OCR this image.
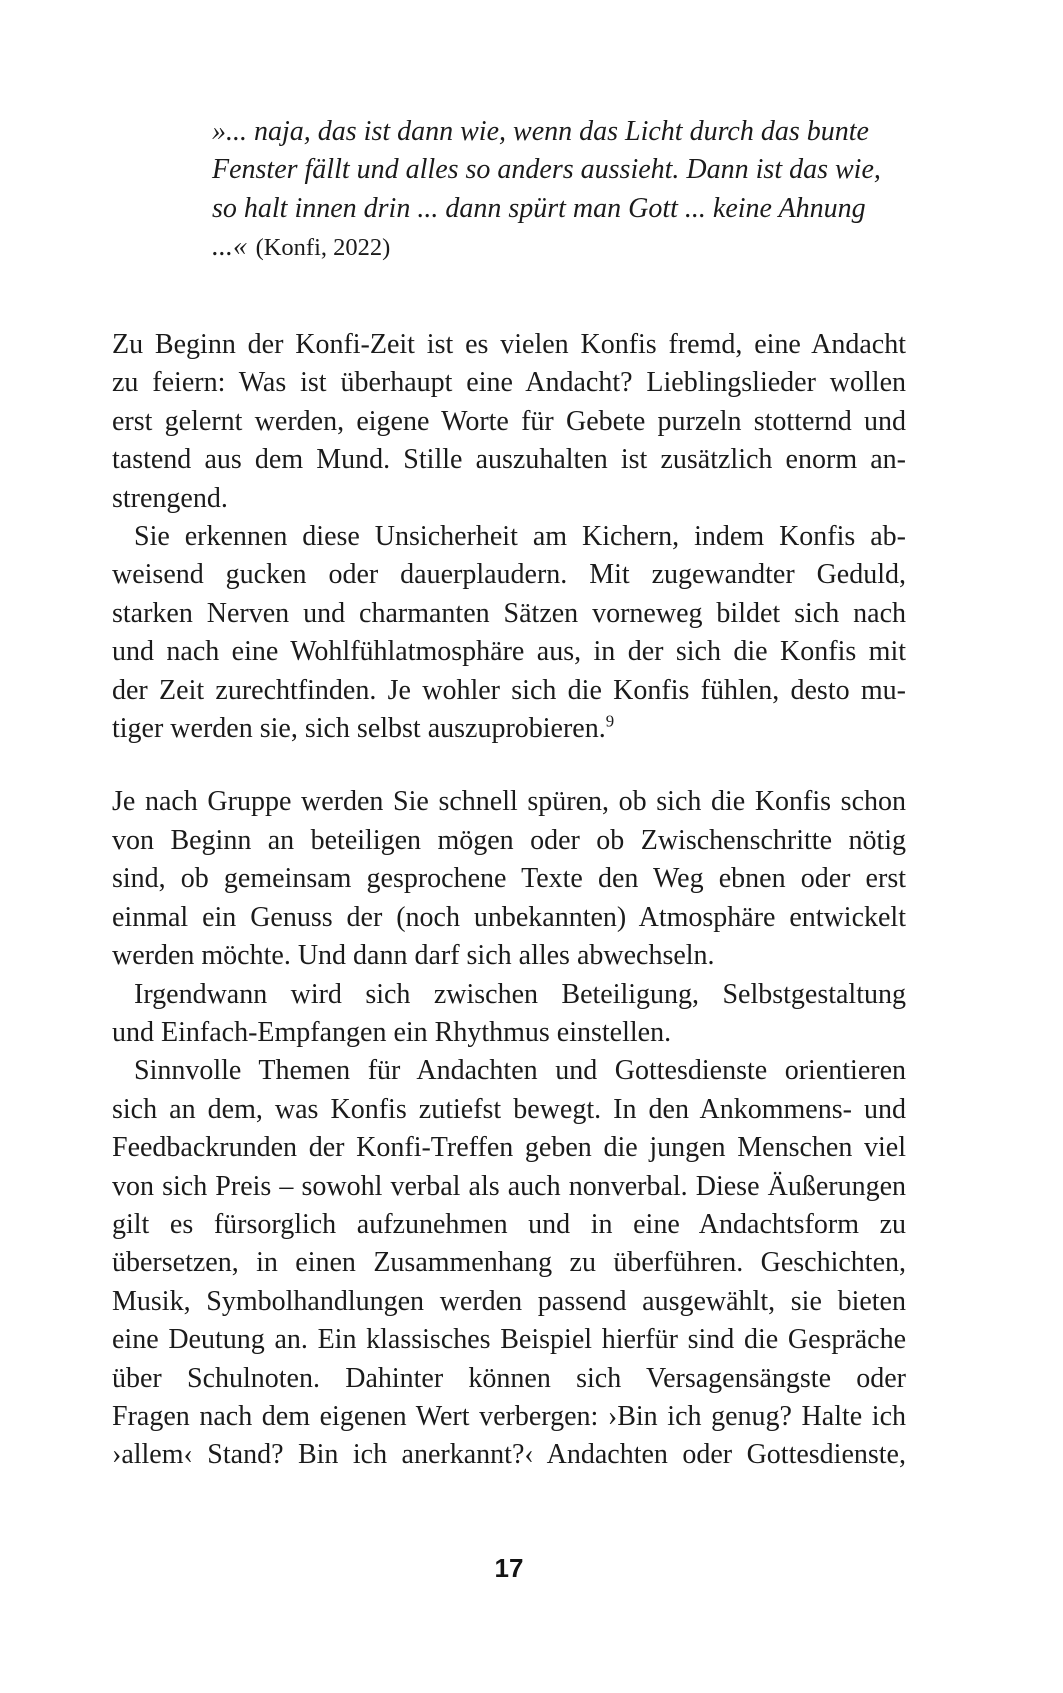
»... naja, das ist dann wie, wenn das Licht durch das bunte
Fenster fällt und alles so anders aussieht. Dann ist das wie,
so halt innen drin ... dann spürt man Gott ... keine Ahnung
...« (Konfi, 2022)
Zu Beginn der Konfi-Zeit ist es vielen Konfis fremd, eine Andacht
zu feiern: Was ist überhaupt eine Andacht? Lieblingslieder wollen
erst gelernt werden, eigene Worte für Gebete purzeln stotternd und
tastend aus dem Mund. Stille auszuhalten ist zusätzlich enorm an-
strengend.
Sie erkennen diese Unsicherheit am Kichern, indem Konfis ab-
weisend gucken oder dauerplaudern. Mit zugewandter Geduld,
starken Nerven und charmanten Sätzen vorneweg bildet sich nach
und nach eine Wohlfühlatmosphäre aus, in der sich die Konfis mit
der Zeit zurechtfinden. Je wohler sich die Konfis fühlen, desto mu-
tiger werden sie, sich selbst auszuprobieren.$^9$
Je nach Gruppe werden Sie schnell spüren, ob sich die Konfis schon
von Beginn an beteiligen mögen oder ob Zwischenschritte nötig
sind, ob gemeinsam gesprochene Texte den Weg ebnen oder erst
einmal ein Genuss der (noch unbekannten) Atmosphäre entwickelt
werden möchte. Und dann darf sich alles abwechseln.
Irgendwann wird sich zwischen Beteiligung, Selbstgestaltung
und Einfach-Empfangen ein Rhythmus einstellen.
Sinnvolle Themen für Andachten und Gottesdienste orientieren
sich an dem, was Konfis zutiefst bewegt. In den Ankommens- und
Feedbackrunden der Konfi-Treffen geben die jungen Menschen viel
von sich Preis – sowohl verbal als auch nonverbal. Diese Äußerungen
gilt es fürsorglich aufzunehmen und in eine Andachtsform zu
übersetzen, in einen Zusammenhang zu überführen. Geschichten,
Musik, Symbolhandlungen werden passend ausgewählt, sie bieten
eine Deutung an. Ein klassisches Beispiel hierfür sind die Gespräche
über Schulnoten. Dahinter können sich Versagensängste oder
Fragen nach dem eigenen Wert verbergen: ›Bin ich genug? Halte ich
›allem‹ Stand? Bin ich anerkannt?‹ Andachten oder Gottesdienste,
17
